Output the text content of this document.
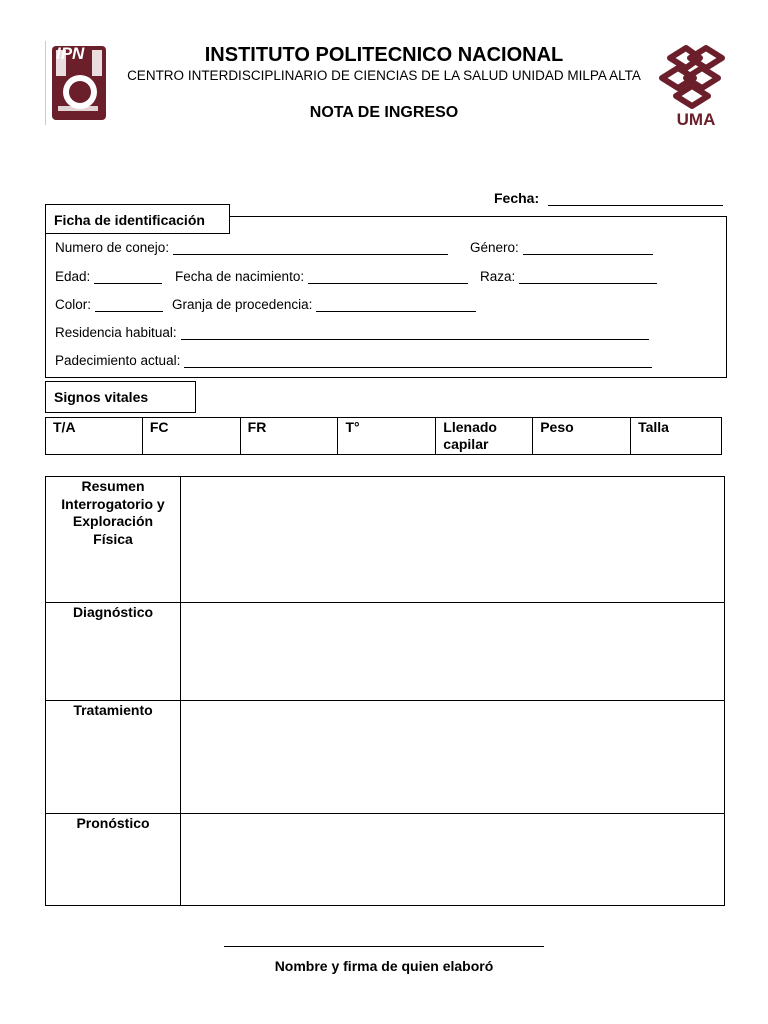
IPN	INSTITUTO POLITECNICO NACIONAL
CENTRO INTERDISCIPLINARIO DE CIENCIAS DE LA SALUD UNIDAD MILPA ALTA
NOTA DE INGRESO	UMA
Fecha:
Ficha de identificación
Numero de conejo:	Género:
Edad:	Fecha de nacimiento:	Raza:
Color:	Granja de procedencia:
Residencia habitual:
Padecimiento actual:
Signos vitales
T/A	FC	FR	T°	Llenado capilar	Peso	Talla
Resumen Interrogatorio y Exploración Física	
Diagnóstico	
Tratamiento	
Pronóstico	
Nombre y firma de quien elaboró
